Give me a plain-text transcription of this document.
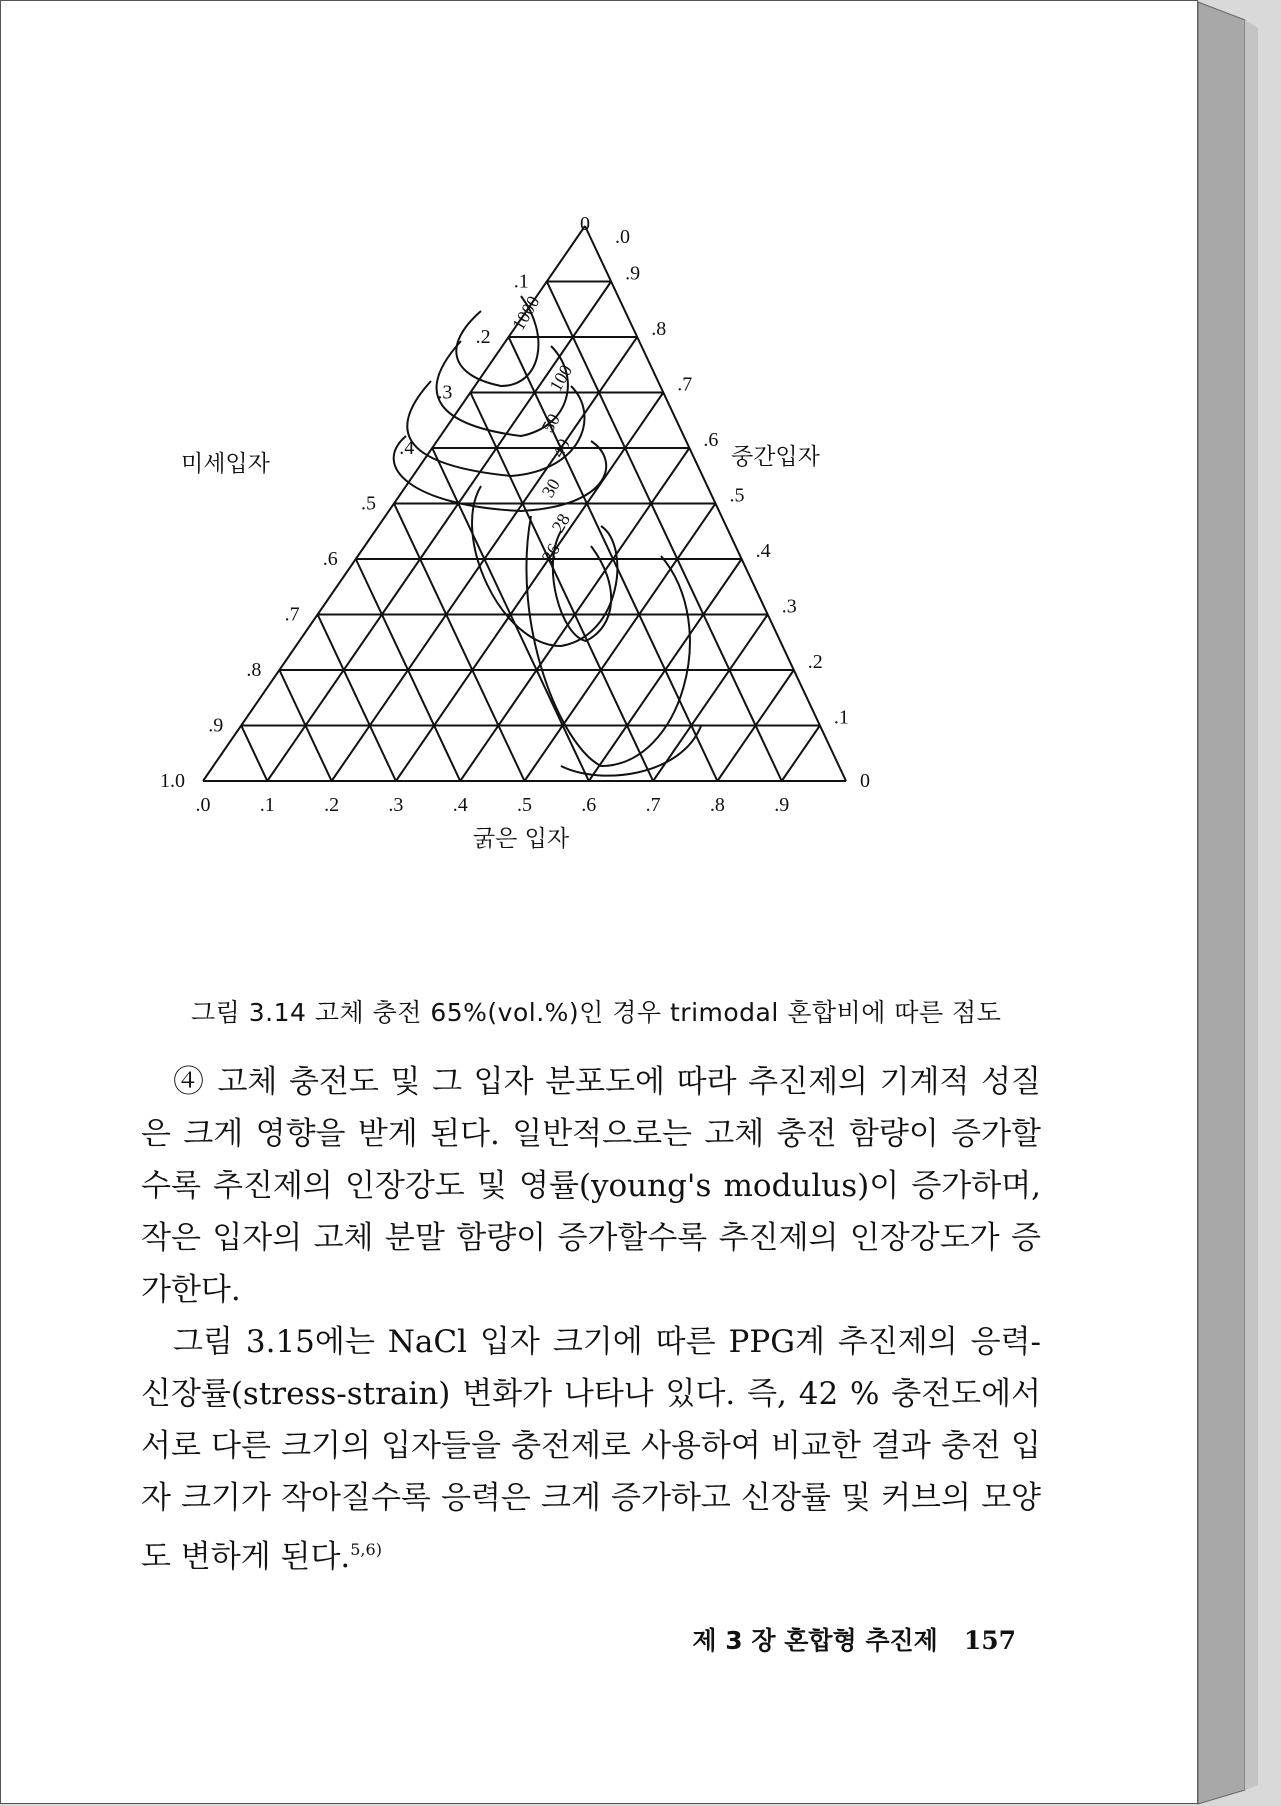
.1
.2
.3
.4
.5
.6
.7
.8
.9
1.0
.9
.8
.7
.6
.5
.4
.3
.2
.1
0
.0 .1 .2 .3 .4 .5 .6 .7 .8 .9
0
.0
미세입자	중간입자
굵은 입자
1000
100
50
40
30
28
26
그림 3.14 고체 충전 65%(vol.%)인 경우 trimodal 혼합비에 따른 점도

④ 고체 충전도 및 그 입자 분포도에 따라 추진제의 기계적 성질은 크게 영향을 받게 된다. 일반적으로는 고체 충전 함량이 증가할수록 추진제의 인장강도 및 영률(young's modulus)이 증가하며, 작은 입자의 고체 분말 함량이 증가할수록 추진제의 인장강도가 증가한다.

그림 3.15에는 NaCl 입자 크기에 따른 PPG계 추진제의 응력-신장률(stress-strain) 변화가 나타나 있다. 즉, 42 % 충전도에서 서로 다른 크기의 입자들을 충전제로 사용하여 비교한 결과 충전 입자 크기가 작아질수록 응력은 크게 증가하고 신장률 및 커브의 모양도 변하게 된다.$^{5,6)}$

제 3 장 혼합형 추진제 157
